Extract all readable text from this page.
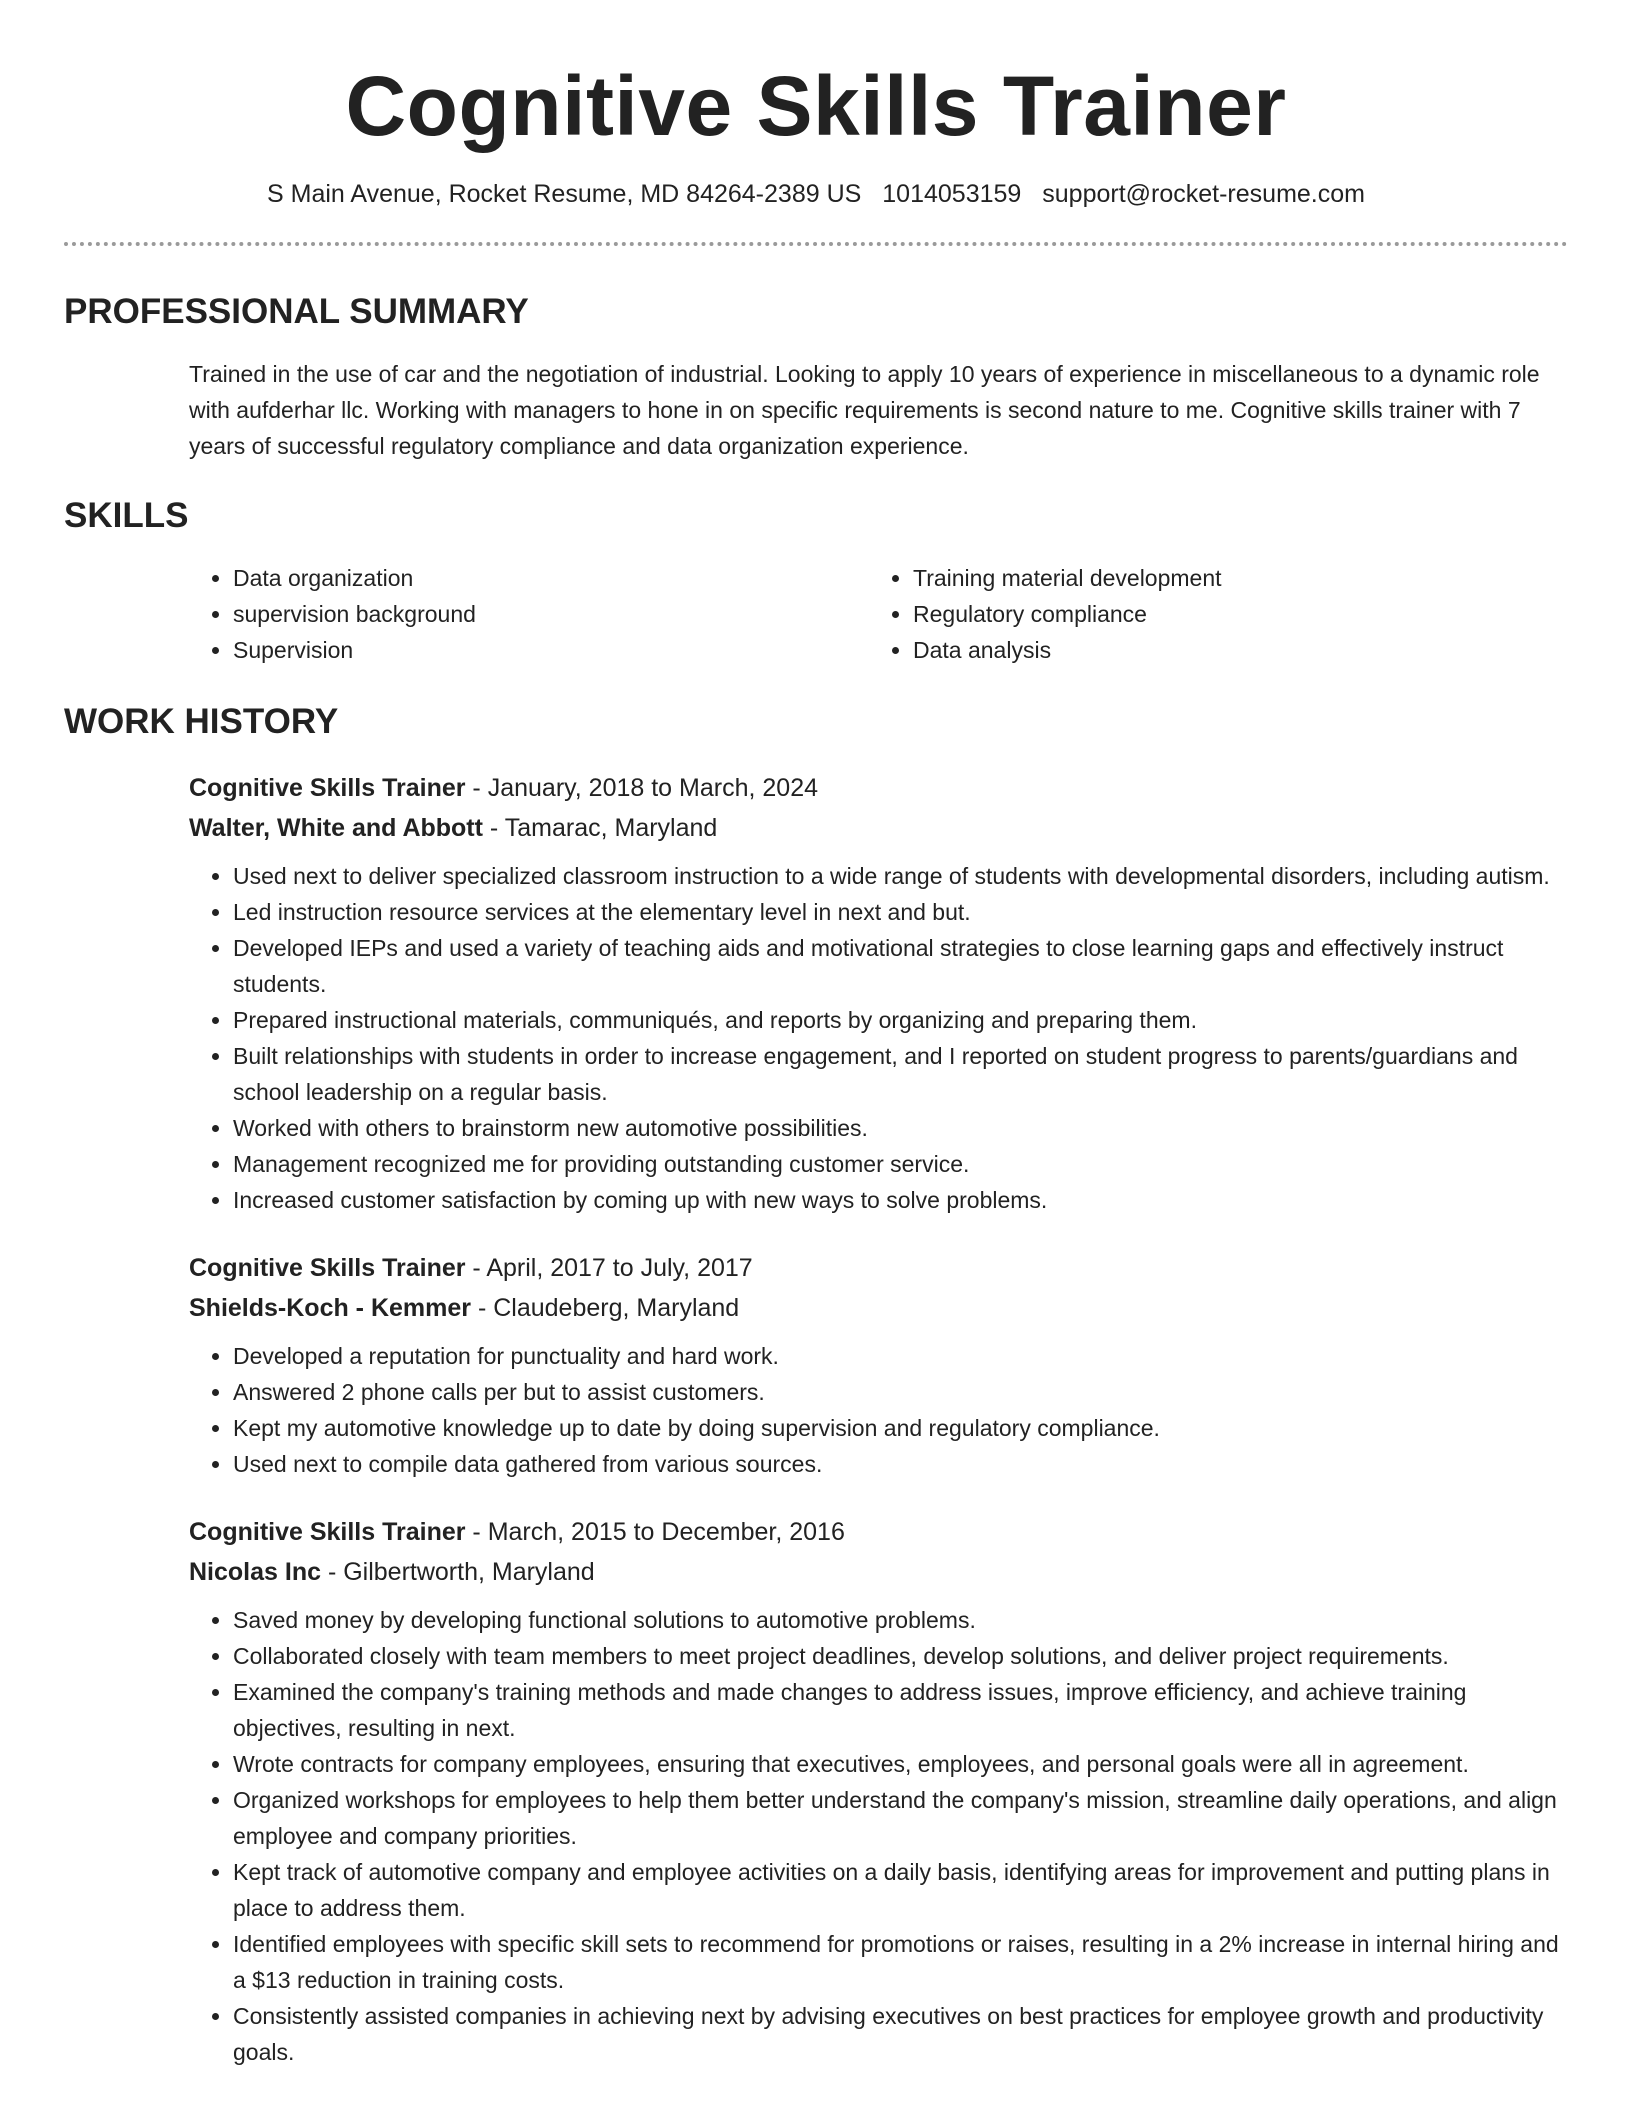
Cognitive Skills Trainer
S Main Avenue, Rocket Resume, MD 84264-2389 US 1014053159 support@rocket-resume.com
PROFESSIONAL SUMMARY
Trained in the use of car and the negotiation of industrial. Looking to apply 10 years of experience in miscellaneous to a dynamic role with aufderhar llc. Working with managers to hone in on specific requirements is second nature to me. Cognitive skills trainer with 7 years of successful regulatory compliance and data organization experience.
SKILLS
• Data organization
• supervision background
• Supervision
• Training material development
• Regulatory compliance
• Data analysis
WORK HISTORY
Cognitive Skills Trainer - January, 2018 to March, 2024
Walter, White and Abbott - Tamarac, Maryland
• Used next to deliver specialized classroom instruction to a wide range of students with developmental disorders, including autism.
• Led instruction resource services at the elementary level in next and but.
• Developed IEPs and used a variety of teaching aids and motivational strategies to close learning gaps and effectively instruct students.
• Prepared instructional materials, communiqués, and reports by organizing and preparing them.
• Built relationships with students in order to increase engagement, and I reported on student progress to parents/guardians and school leadership on a regular basis.
• Worked with others to brainstorm new automotive possibilities.
• Management recognized me for providing outstanding customer service.
• Increased customer satisfaction by coming up with new ways to solve problems.
Cognitive Skills Trainer - April, 2017 to July, 2017
Shields-Koch - Kemmer - Claudeberg, Maryland
• Developed a reputation for punctuality and hard work.
• Answered 2 phone calls per but to assist customers.
• Kept my automotive knowledge up to date by doing supervision and regulatory compliance.
• Used next to compile data gathered from various sources.
Cognitive Skills Trainer - March, 2015 to December, 2016
Nicolas Inc - Gilbertworth, Maryland
• Saved money by developing functional solutions to automotive problems.
• Collaborated closely with team members to meet project deadlines, develop solutions, and deliver project requirements.
• Examined the company's training methods and made changes to address issues, improve efficiency, and achieve training objectives, resulting in next.
• Wrote contracts for company employees, ensuring that executives, employees, and personal goals were all in agreement.
• Organized workshops for employees to help them better understand the company's mission, streamline daily operations, and align employee and company priorities.
• Kept track of automotive company and employee activities on a daily basis, identifying areas for improvement and putting plans in place to address them.
• Identified employees with specific skill sets to recommend for promotions or raises, resulting in a 2% increase in internal hiring and a $13 reduction in training costs.
• Consistently assisted companies in achieving next by advising executives on best practices for employee growth and productivity goals.
